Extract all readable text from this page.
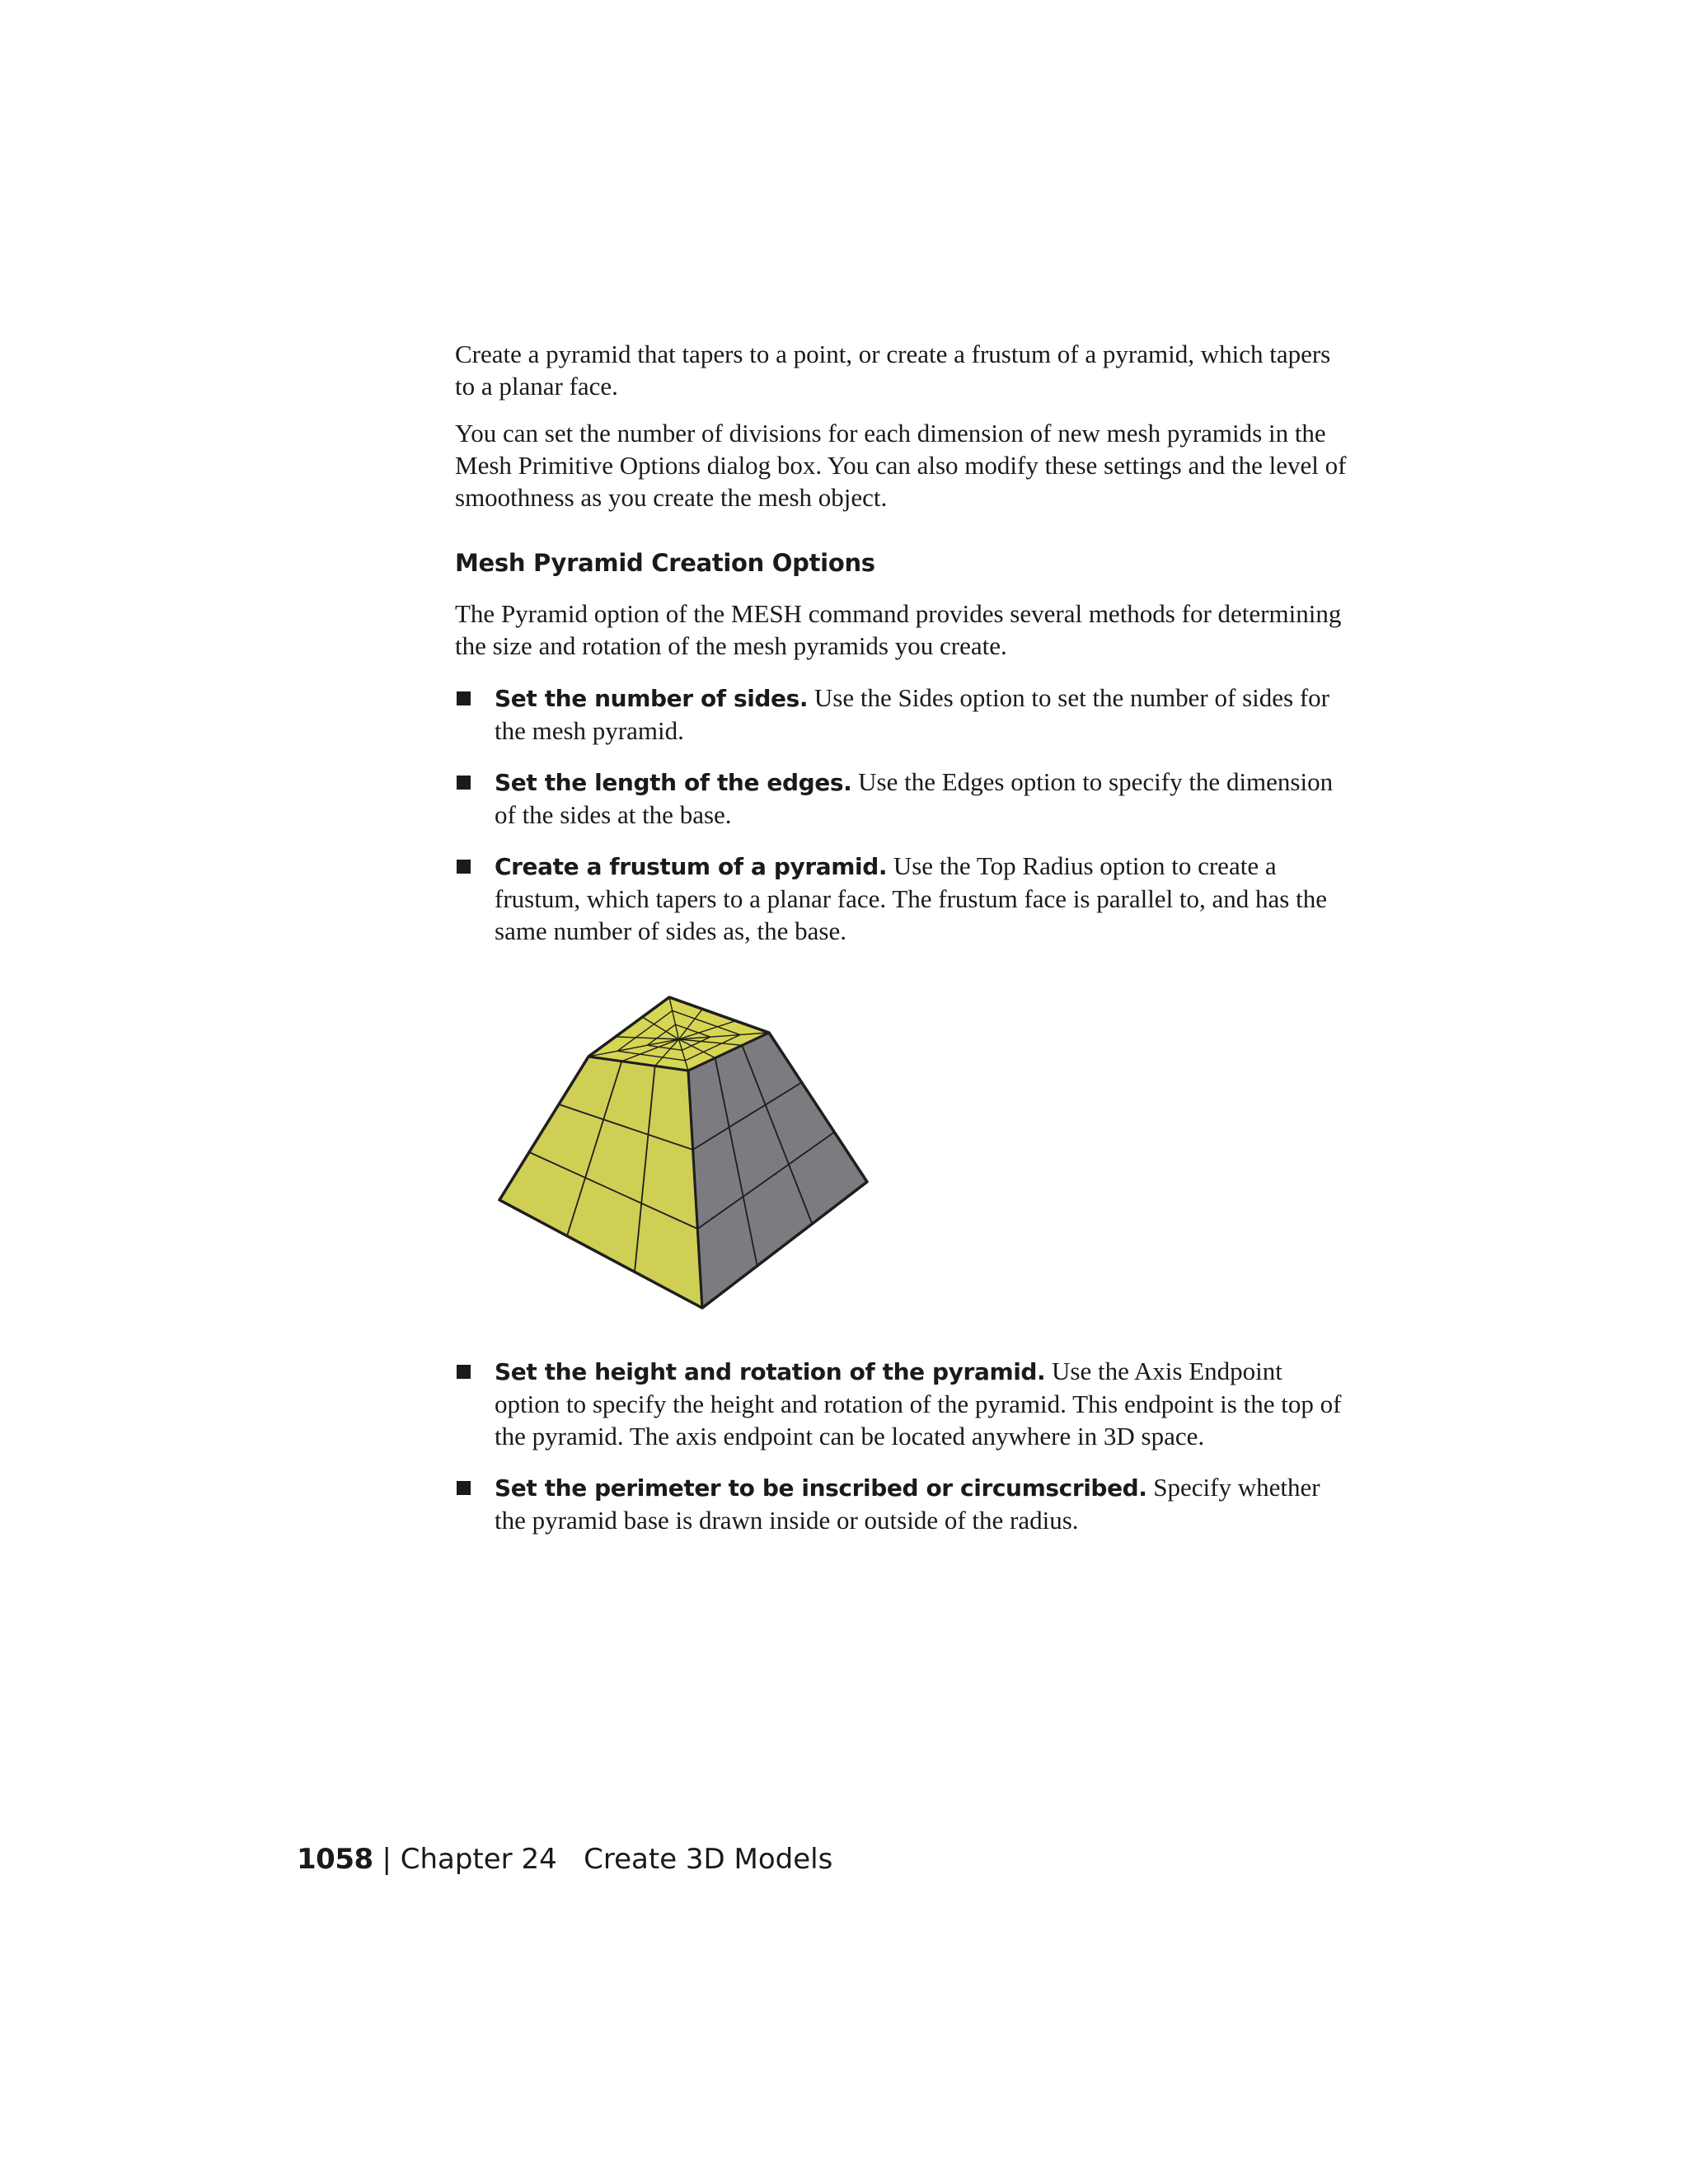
Create a pyramid that tapers to a point, or create a frustum of a pyramid, which tapers to a planar face.

You can set the number of divisions for each dimension of new mesh pyramids in the Mesh Primitive Options dialog box. You can also modify these settings and the level of smoothness as you create the mesh object.

Mesh Pyramid Creation Options

The Pyramid option of the MESH command provides several methods for determining the size and rotation of the mesh pyramids you create.

Set the number of sides. Use the Sides option to set the number of sides for the mesh pyramid.
Set the length of the edges. Use the Edges option to specify the dimension of the sides at the base.
Create a frustum of a pyramid. Use the Top Radius option to create a frustum, which tapers to a planar face. The frustum face is parallel to, and has the same number of sides as, the base.
Set the height and rotation of the pyramid. Use the Axis Endpoint option to specify the height and rotation of the pyramid. This endpoint is the top of the pyramid. The axis endpoint can be located anywhere in 3D space.
Set the perimeter to be inscribed or circumscribed. Specify whether the pyramid base is drawn inside or outside of the radius.
1058 | Chapter 24   Create 3D Models
